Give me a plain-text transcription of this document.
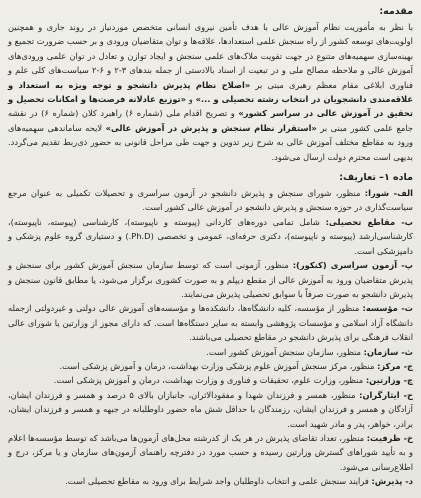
مقدمه:

با نظر به مأموریت نظام آموزش عالی با هدف تأمین نیروی انسانی متخصص موردنیاز در روند جاری و همچنین اولویت‌های توسعه کشور از راه سنجش علمی استعدادها، علاقه‌ها و توان متقاضیان ورودی و بر حسب ضرورت تجمیع و بهینه‌سازی سهمیه‌های متنوع در جهت تقویت ملاک‌های علمی سنجش و ایجاد توازن و تعادل در توان علمی ورودی‌های آموزش عالی و ملاحظه مصالح ملی و در تبعیت از اسناد بالادستی از جمله بندهای ۳-۲ و ۶-۲ سیاست‌های کلی علم و فناوری ابلاغی مقام معظم رهبری مبنی بر «اصلاح نظام پذیرش دانشجو و توجه ویژه به استعداد و علاقه‌مندی دانشجویان در انتخاب رشته تحصیلی و ...» و «توزیع عادلانه فرصت‌ها و امکانات تحصیل و تحقیق در آموزش عالی در سراسر کشور» و تصریح اقدام ملی (شماره ۶) راهبرد کلان (شماره ۶) در نقشه جامع علمی کشور مبنی بر «استقرار نظام سنجش و پذیرش در آموزش عالی» لایحه ساماندهی سهمیه‌های ورود به مقاطع مختلف آموزش عالی به شرح زیر تدوین و جهت طی مراحل قانونی به حضور ذی‌ربط تقدیم می‌گردد. بدیهی است محترم دولت ارسال می‌شود.

ماده ۱– تعاریف:

الف- شورا: منظور، شورای سنجش و پذیرش دانشجو در آزمون سراسری و تحصیلات تکمیلی به عنوان مرجع سیاست‌گذاری در حوزه سنجش و پذیرش دانشجو در آموزش عالی کشور است.

ب- مقاطع تحصیلی: شامل تمامی دوره‌های کاردانی (پیوسته و ناپیوسته)، کارشناسی (پیوسته، ناپیوسته)، کارشناسی‌ارشد (پیوسته و ناپیوسته)، دکتری حرفه‌ای، عمومی و تخصصی (Ph.D.) و دستیاری گروه علوم پزشکی و دامپزشکی است.

پ- آزمون سراسری (کنکور): منظور، آزمونی است که توسط سازمان سنجش آموزش کشور برای سنجش و پذیرش متقاضیان ورود به آموزش عالی از مقطع دیپلم و به صورت کشوری برگزار می‌شود، یا مطابق قانون سنجش و پذیرش دانشجو به صورت صرفاً با سوابق تحصیلی پذیرش می‌نمایند.

ت- مؤسسه: منظور از مؤسسه، کلیه دانشگاه‌ها، دانشکده‌ها و مؤسسه‌های آموزش عالی دولتی و غیردولتی ازجمله دانشگاه آزاد اسلامی و مؤسسات پژوهشی وابسته به سایر دستگاه‌ها است. که دارای مجوز از وزارتین یا شورای عالی انقلاب فرهنگی برای پذیرش دانشجو در مقاطع تحصیلی می‌باشند.

ث- سازمان: منظور، سازمان سنجش آموزش کشور است.

ج- مرکز: منظور، مرکز سنجش آموزش علوم پزشکی وزارت بهداشت، درمان و آموزش پزشکی است.

چ- وزارتین: منظور، وزارت علوم، تحقیقات و فناوری و وزارت بهداشت، درمان و آموزش پزشکی است.

ح- ایثارگران: منظور، همسر و فرزندان شهدا و مفقودالاثران، جانبازان بالای ۵ درصد و همسر و فرزندان ایشان، آزادگان و همسر و فرزندان ایشان، رزمندگان با حداقل شش ماه حضور داوطلبانه در جبهه و همسر و فرزندان ایشان، برادر، خواهر، پدر و مادر شهید است.

خ- ظرفیت: منظور، تعداد تقاضای پذیرش در هر یک از کدرشته محل‌های آزمون‌ها می‌باشد که توسط مؤسسه‌ها اعلام و به تأیید شوراهای گسترش وزارتین رسیده و حسب مورد در دفترچه راهنمای آزمون‌های سازمان و یا مرکز، درج و اطلاع‌رسانی می‌شود.

د- پذیرش: فرایند سنجش علمی و انتخاب داوطلبان واجد شرایط برای ورود به مقاطع تحصیلی است.
